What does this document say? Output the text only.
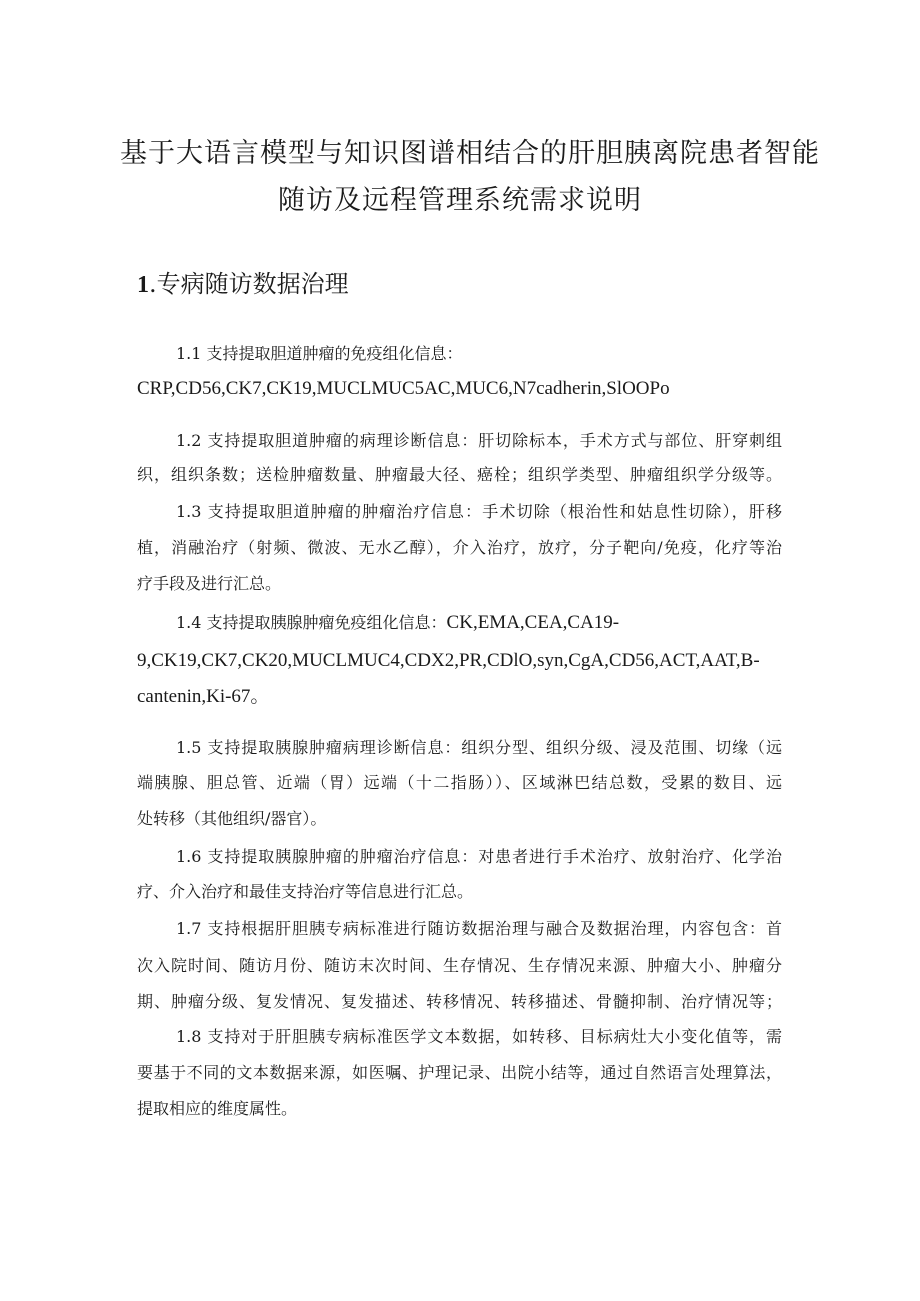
基于大语言模型与知识图谱相结合的肝胆胰离院患者智能
随访及远程管理系统需求说明
1.专病随访数据治理
1.1 支持提取胆道肿瘤的免疫组化信息：
CRP,CD56,CK7,CK19,MUCLMUC5AC,MUC6,N7cadherin,SlOOPo
1.2 支持提取胆道肿瘤的病理诊断信息：肝切除标本，手术方式与部位、肝穿刺组
织，组织条数；送检肿瘤数量、肿瘤最大径、癌栓；组织学类型、肿瘤组织学分级等。
1.3 支持提取胆道肿瘤的肿瘤治疗信息：手术切除（根治性和姑息性切除），肝移
植，消融治疗（射频、微波、无水乙醇），介入治疗，放疗，分子靶向/免疫，化疗等治
疗手段及进行汇总。
1.4 支持提取胰腺肿瘤免疫组化信息：CK,EMA,CEA,CA19-
9,CK19,CK7,CK20,MUCLMUC4,CDX2,PR,CDlO,syn,CgA,CD56,ACT,AAT,B-
cantenin,Ki-67。
1.5 支持提取胰腺肿瘤病理诊断信息：组织分型、组织分级、浸及范围、切缘（远
端胰腺、胆总管、近端（胃）远端（十二指肠））、区域淋巴结总数，受累的数目、远
处转移（其他组织/器官）。
1.6 支持提取胰腺肿瘤的肿瘤治疗信息：对患者进行手术治疗、放射治疗、化学治
疗、介入治疗和最佳支持治疗等信息进行汇总。
1.7 支持根据肝胆胰专病标准进行随访数据治理与融合及数据治理，内容包含：首
次入院时间、随访月份、随访末次时间、生存情况、生存情况来源、肿瘤大小、肿瘤分
期、肿瘤分级、复发情况、复发描述、转移情况、转移描述、骨髓抑制、治疗情况等；
1.8 支持对于肝胆胰专病标准医学文本数据，如转移、目标病灶大小变化值等，需
要基于不同的文本数据来源，如医嘱、护理记录、出院小结等，通过自然语言处理算法，
提取相应的维度属性。
